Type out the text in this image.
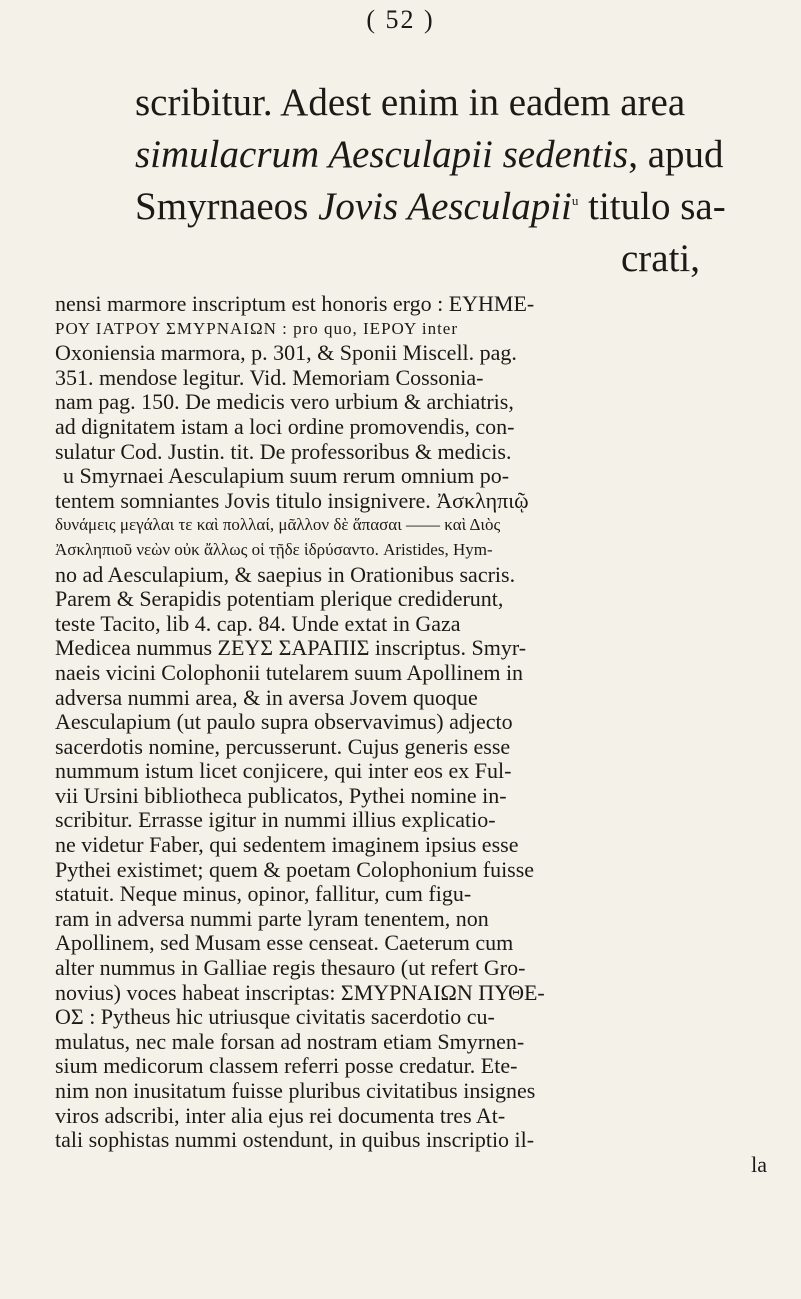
( 52 )

scribitur. Adest enim in eadem area

simulacrum Aesculapii sedentis, apud

Smyrnaeos Jovis Aesculapii$^u$ titulo sa-

crati,

nensi marmore inscriptum est honoris ergo : ΕΥΗΜΕ-
ΡΟΥ ΙΑΤΡΟΥ ΣΜΥΡΝΑΙΩΝ : pro quo, ΙΕΡΟΥ inter
Oxoniensia marmora, p. 301, & Sponii Miscell. pag.
351. mendose legitur. Vid. Memoriam Cossonia-
nam pag. 150. De medicis vero urbium & archiatris,
ad dignitatem istam a loci ordine promovendis, con-
sulatur Cod. Justin. tit. De professoribus & medicis.
u Smyrnaei Aesculapium suum rerum omnium po-
tentem somniantes Jovis titulo insignivere. Ἀσκληπιῷ
δυνάμεις μεγάλαι τε καὶ πολλαί, μᾶλλον δὲ ἅπασαι —— καὶ Διὸς
Ἀσκληπιοῦ νεὼν οὐκ ἄλλως οἱ τῇδε ἱδρύσαντο. Aristides, Hym-
no ad Aesculapium, & saepius in Orationibus sacris.
Parem & Serapidis potentiam plerique crediderunt,
teste Tacito, lib 4. cap. 84. Unde extat in Gaza
Medicea nummus ΖΕΥΣ ΣΑΡΑΠΙΣ inscriptus. Smyr-
naeis vicini Colophonii tutelarem suum Apollinem in
adversa nummi area, & in aversa Jovem quoque
Aesculapium (ut paulo supra observavimus) adjecto
sacerdotis nomine, percusserunt. Cujus generis esse
nummum istum licet conjicere, qui inter eos ex Ful-
vii Ursini bibliotheca publicatos, Pythei nomine in-
scribitur. Errasse igitur in nummi illius explicatio-
ne videtur Faber, qui sedentem imaginem ipsius esse
Pythei existimet; quem & poetam Colophonium fuisse
statuit. Neque minus, opinor, fallitur, cum figu-
ram in adversa nummi parte lyram tenentem, non
Apollinem, sed Musam esse censeat. Caeterum cum
alter nummus in Galliae regis thesauro (ut refert Gro-
novius) voces habeat inscriptas: ΣΜΥΡΝΑΙΩΝ ΠΥΘΕ-
ΟΣ : Pytheus hic utriusque civitatis sacerdotio cu-
mulatus, nec male forsan ad nostram etiam Smyrnen-
sium medicorum classem referri posse credatur. Ete-
nim non inusitatum fuisse pluribus civitatibus insignes
viros adscribi, inter alia ejus rei documenta tres At-
tali sophistas nummi ostendunt, in quibus inscriptio il-
la
